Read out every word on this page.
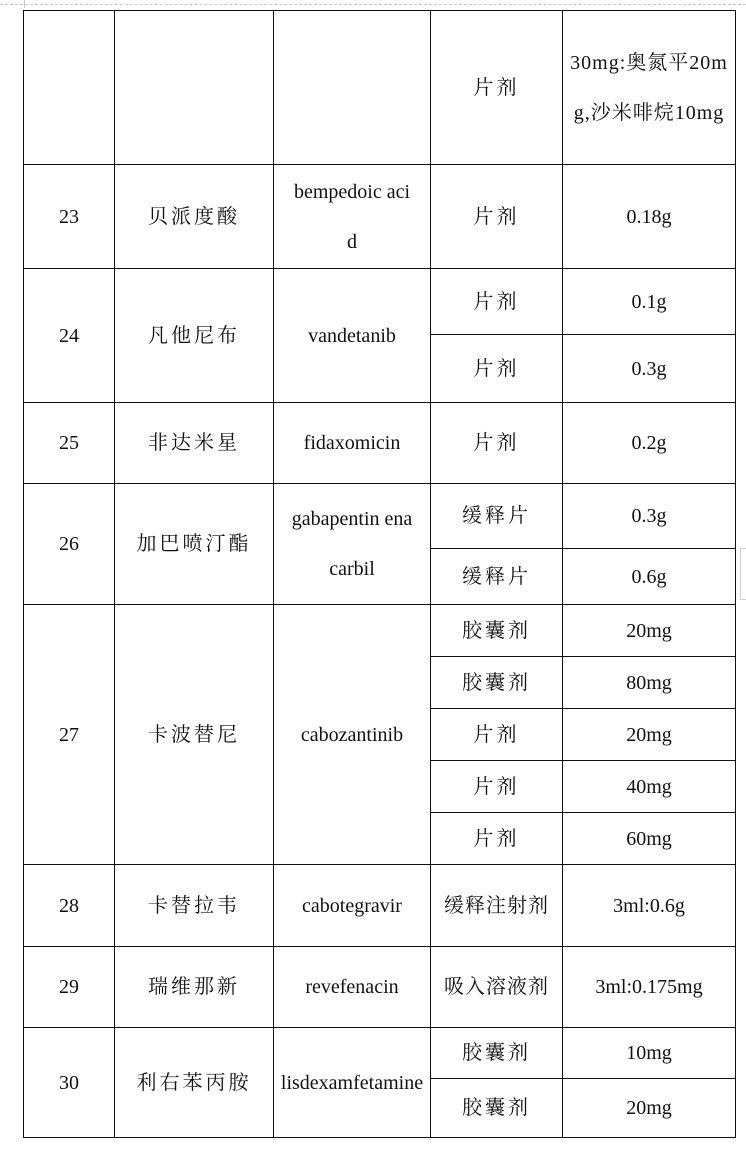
			片剂	30mg:奥氮平20mg,沙米啡烷10mg
23	贝派度酸	bempedoic acid	片剂	0.18g
24	凡他尼布	vandetanib	片剂	0.1g
			片剂	0.3g
25	非达米星	fidaxomicin	片剂	0.2g
26	加巴喷汀酯	gabapentin enacarbil	缓释片	0.3g
			缓释片	0.6g
27	卡波替尼	cabozantinib	胶囊剂	20mg
			胶囊剂	80mg
			片剂	20mg
			片剂	40mg
			片剂	60mg
28	卡替拉韦	cabotegravir	缓释注射剂	3ml:0.6g
29	瑞维那新	revefenacin	吸入溶液剂	3ml:0.175mg
30	利右苯丙胺	lisdexamfetamine	胶囊剂	10mg
			胶囊剂	20mg
